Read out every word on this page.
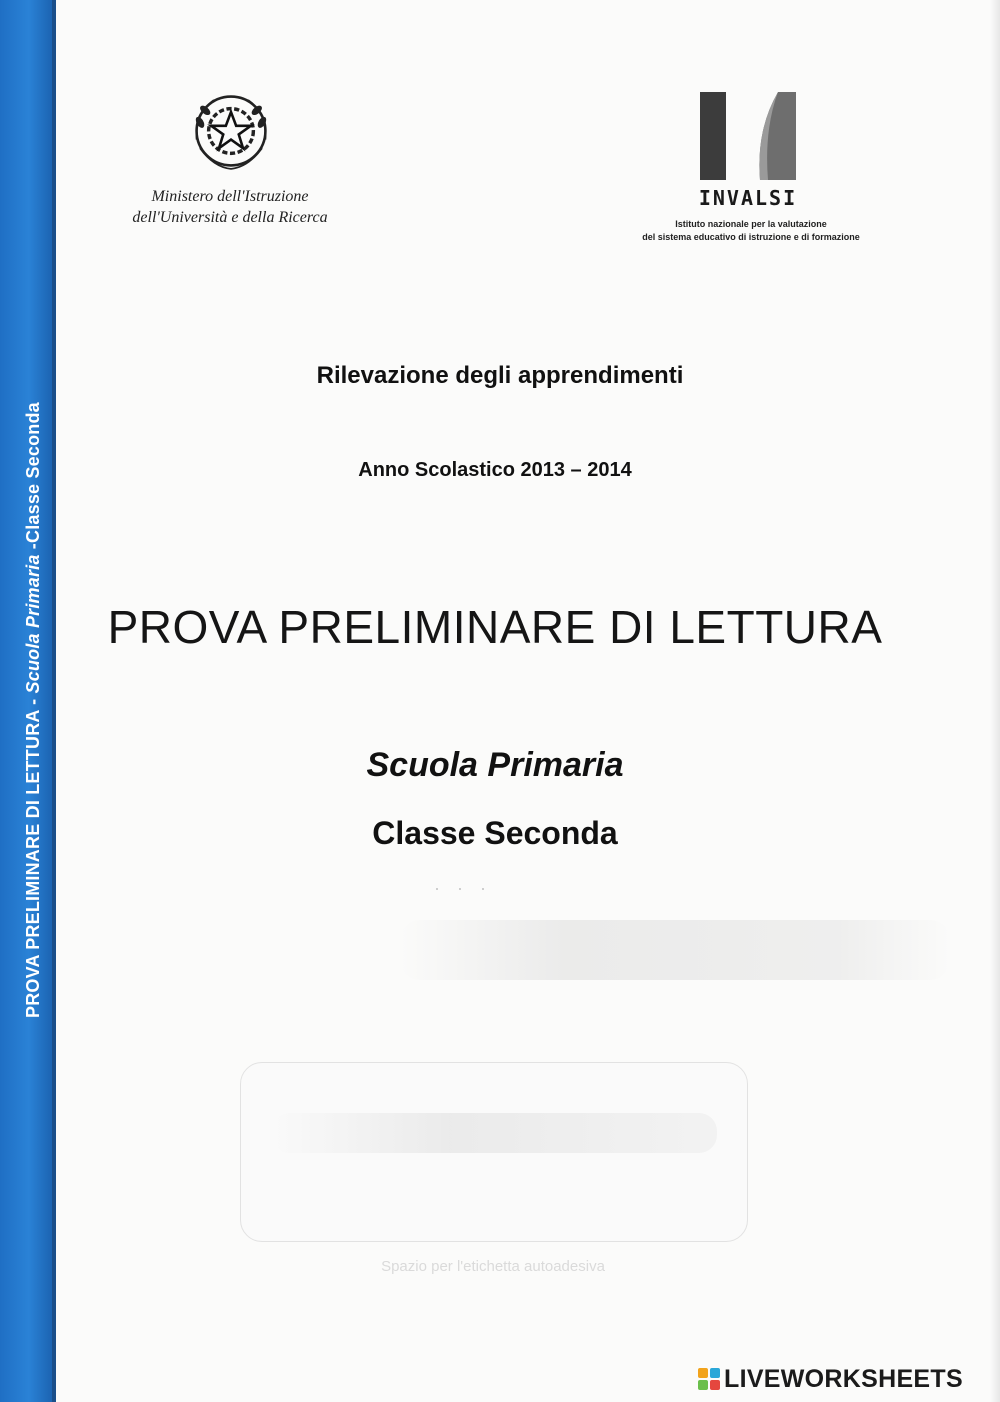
PROVA PRELIMINARE DI LETTURA - Scuola Primaria -Classe Seconda
Ministero dell'Istruzione
dell'Università e della Ricerca
INVALSI
Istituto nazionale per la valutazione
del sistema educativo di istruzione e di formazione
Rilevazione degli apprendimenti
Anno Scolastico 2013 – 2014
PROVA PRELIMINARE DI LETTURA
Scuola Primaria
Classe Seconda
· · ·
Spazio per l'etichetta autoadesiva
LIVEWORKSHEETS
